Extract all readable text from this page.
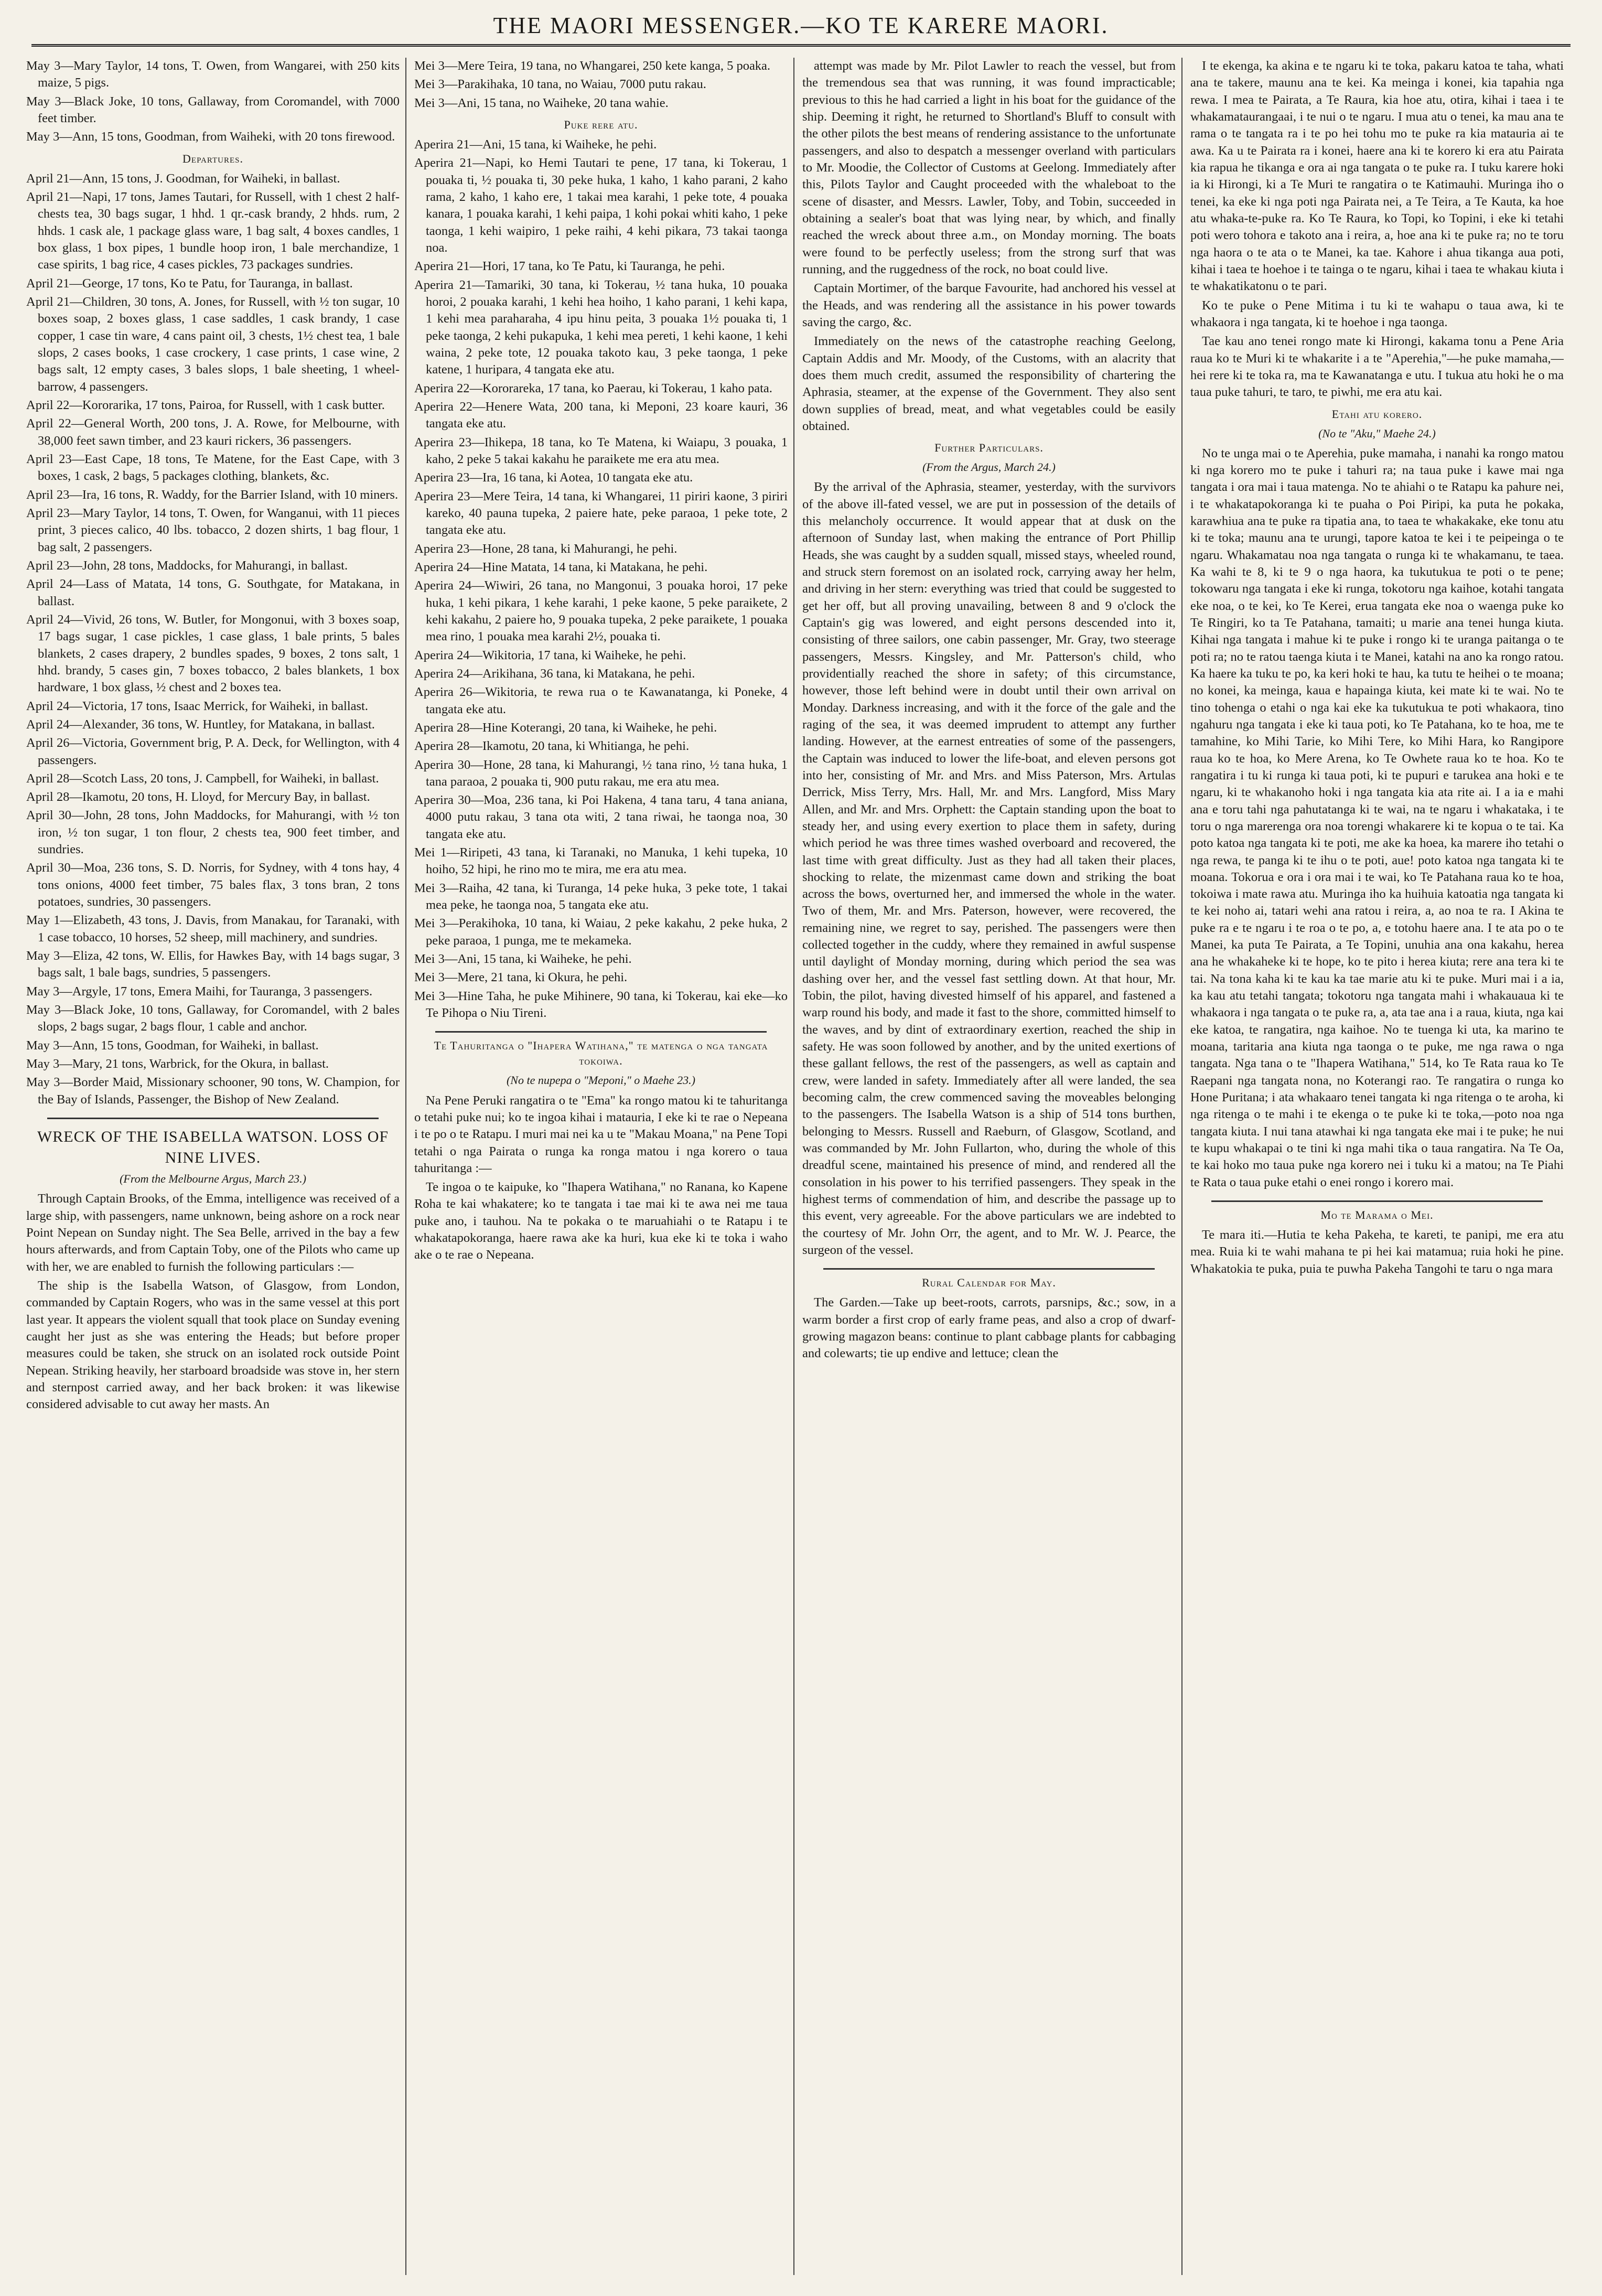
THE MAORI MESSENGER.—KO TE KARERE MAORI.

May 3—Mary Taylor, 14 tons, T. Owen, from Wangarei, with 250 kits maize, 5 pigs.

May 3—Black Joke, 10 tons, Gallaway, from Coromandel, with 7000 feet timber.

May 3—Ann, 15 tons, Goodman, from Waiheki, with 20 tons firewood.

Departures.

April 21—Ann, 15 tons, J. Goodman, for Waiheki, in ballast.

April 21—Napi, 17 tons, James Tautari, for Russell, with 1 chest 2 half-chests tea, 30 bags sugar, 1 hhd. 1 qr.-cask brandy, 2 hhds. rum, 2 hhds. 1 cask ale, 1 package glass ware, 1 bag salt, 4 boxes candles, 1 box glass, 1 box pipes, 1 bundle hoop iron, 1 bale merchandize, 1 case spirits, 1 bag rice, 4 cases pickles, 73 packages sundries.

April 21—George, 17 tons, Ko te Patu, for Tauranga, in ballast.

April 21—Children, 30 tons, A. Jones, for Russell, with ½ ton sugar, 10 boxes soap, 2 boxes glass, 1 case saddles, 1 cask brandy, 1 case copper, 1 case tin ware, 4 cans paint oil, 3 chests, 1½ chest tea, 1 bale slops, 2 cases books, 1 case crockery, 1 case prints, 1 case wine, 2 bags salt, 12 empty cases, 3 bales slops, 1 bale sheeting, 1 wheel-barrow, 4 passengers.

April 22—Kororarika, 17 tons, Pairoa, for Russell, with 1 cask butter.

April 22—General Worth, 200 tons, J. A. Rowe, for Melbourne, with 38,000 feet sawn timber, and 23 kauri rickers, 36 passengers.

April 23—East Cape, 18 tons, Te Matene, for the East Cape, with 3 boxes, 1 cask, 2 bags, 5 packages clothing, blankets, &c.

April 23—Ira, 16 tons, R. Waddy, for the Barrier Island, with 10 miners.

April 23—Mary Taylor, 14 tons, T. Owen, for Wanganui, with 11 pieces print, 3 pieces calico, 40 lbs. tobacco, 2 dozen shirts, 1 bag flour, 1 bag salt, 2 passengers.

April 23—John, 28 tons, Maddocks, for Mahurangi, in ballast.

April 24—Lass of Matata, 14 tons, G. Southgate, for Matakana, in ballast.

April 24—Vivid, 26 tons, W. Butler, for Mongonui, with 3 boxes soap, 17 bags sugar, 1 case pickles, 1 case glass, 1 bale prints, 5 bales blankets, 2 cases drapery, 2 bundles spades, 9 boxes, 2 tons salt, 1 hhd. brandy, 5 cases gin, 7 boxes tobacco, 2 bales blankets, 1 box hardware, 1 box glass, ½ chest and 2 boxes tea.

April 24—Victoria, 17 tons, Isaac Merrick, for Waiheki, in ballast.

April 24—Alexander, 36 tons, W. Huntley, for Matakana, in ballast.

April 26—Victoria, Government brig, P. A. Deck, for Wellington, with 4 passengers.

April 28—Scotch Lass, 20 tons, J. Campbell, for Waiheki, in ballast.

April 28—Ikamotu, 20 tons, H. Lloyd, for Mercury Bay, in ballast.

April 30—John, 28 tons, John Maddocks, for Mahurangi, with ½ ton iron, ½ ton sugar, 1 ton flour, 2 chests tea, 900 feet timber, and sundries.

April 30—Moa, 236 tons, S. D. Norris, for Sydney, with 4 tons hay, 4 tons onions, 4000 feet timber, 75 bales flax, 3 tons bran, 2 tons potatoes, sundries, 30 passengers.

May 1—Elizabeth, 43 tons, J. Davis, from Manakau, for Taranaki, with 1 case tobacco, 10 horses, 52 sheep, mill machinery, and sundries.

May 3—Eliza, 42 tons, W. Ellis, for Hawkes Bay, with 14 bags sugar, 3 bags salt, 1 bale bags, sundries, 5 passengers.

May 3—Argyle, 17 tons, Emera Maihi, for Tauranga, 3 passengers.

May 3—Black Joke, 10 tons, Gallaway, for Coromandel, with 2 bales slops, 2 bags sugar, 2 bags flour, 1 cable and anchor.

May 3—Ann, 15 tons, Goodman, for Waiheki, in ballast.

May 3—Mary, 21 tons, Warbrick, for the Okura, in ballast.

May 3—Border Maid, Missionary schooner, 90 tons, W. Champion, for the Bay of Islands, Passenger, the Bishop of New Zealand.

WRECK OF THE ISABELLA WATSON. LOSS OF NINE LIVES.
(From the Melbourne Argus, March 23.)

Through Captain Brooks, of the Emma, intelligence was received of a large ship, with passengers, name unknown, being ashore on a rock near Point Nepean on Sunday night. The Sea Belle, arrived in the bay a few hours afterwards, and from Captain Toby, one of the Pilots who came up with her, we are enabled to furnish the following particulars :—

The ship is the Isabella Watson, of Glasgow, from London, commanded by Captain Rogers, who was in the same vessel at this port last year. It appears the violent squall that took place on Sunday evening caught her just as she was entering the Heads; but before proper measures could be taken, she struck on an isolated rock outside Point Nepean. Striking heavily, her starboard broadside was stove in, her stern and sternpost carried away, and her back broken: it was likewise considered advisable to cut away her masts. An

Mei 3—Mere Teira, 19 tana, no Whangarei, 250 kete kanga, 5 poaka.

Mei 3—Parakihaka, 10 tana, no Waiau, 7000 putu rakau.

Mei 3—Ani, 15 tana, no Waiheke, 20 tana wahie.

Puke rere atu.

Aperira 21—Ani, 15 tana, ki Waiheke, he pehi.

Aperira 21—Napi, ko Hemi Tautari te pene, 17 tana, ki Tokerau, 1 pouaka ti, ½ pouaka ti, 30 peke huka, 1 kaho, 1 kaho parani, 2 kaho rama, 2 kaho, 1 kaho ere, 1 takai mea karahi, 1 peke tote, 4 pouaka kanara, 1 pouaka karahi, 1 kehi paipa, 1 kohi pokai whiti kaho, 1 peke taonga, 1 kehi waipiro, 1 peke raihi, 4 kehi pikara, 73 takai taonga noa.

Aperira 21—Hori, 17 tana, ko Te Patu, ki Tauranga, he pehi.

Aperira 21—Tamariki, 30 tana, ki Tokerau, ½ tana huka, 10 pouaka horoi, 2 pouaka karahi, 1 kehi hea hoiho, 1 kaho parani, 1 kehi kapa, 1 kehi mea paraharaha, 4 ipu hinu peita, 3 pouaka 1½ pouaka ti, 1 peke taonga, 2 kehi pukapuka, 1 kehi mea pereti, 1 kehi kaone, 1 kehi waina, 2 peke tote, 12 pouaka takoto kau, 3 peke taonga, 1 peke katene, 1 huripara, 4 tangata eke atu.

Aperira 22—Kororareka, 17 tana, ko Paerau, ki Tokerau, 1 kaho pata.

Aperira 22—Henere Wata, 200 tana, ki Meponi, 23 koare kauri, 36 tangata eke atu.

Aperira 23—Ihikepa, 18 tana, ko Te Matena, ki Waiapu, 3 pouaka, 1 kaho, 2 peke 5 takai kakahu he paraikete me era atu mea.

Aperira 23—Ira, 16 tana, ki Aotea, 10 tangata eke atu.

Aperira 23—Mere Teira, 14 tana, ki Whangarei, 11 piriri kaone, 3 piriri kareko, 40 pauna tupeka, 2 paiere hate, peke paraoa, 1 peke tote, 2 tangata eke atu.

Aperira 23—Hone, 28 tana, ki Mahurangi, he pehi.

Aperira 24—Hine Matata, 14 tana, ki Matakana, he pehi.

Aperira 24—Wiwiri, 26 tana, no Mangonui, 3 pouaka horoi, 17 peke huka, 1 kehi pikara, 1 kehe karahi, 1 peke kaone, 5 peke paraikete, 2 kehi kakahu, 2 paiere ho, 9 pouaka tupeka, 2 peke paraikete, 1 pouaka mea rino, 1 pouaka mea karahi 2½, pouaka ti.

Aperira 24—Wikitoria, 17 tana, ki Waiheke, he pehi.

Aperira 24—Arikihana, 36 tana, ki Matakana, he pehi.

Aperira 26—Wikitoria, te rewa rua o te Kawanatanga, ki Poneke, 4 tangata eke atu.

Aperira 28—Hine Koterangi, 20 tana, ki Waiheke, he pehi.

Aperira 28—Ikamotu, 20 tana, ki Whitianga, he pehi.

Aperira 30—Hone, 28 tana, ki Mahurangi, ½ tana rino, ½ tana huka, 1 tana paraoa, 2 pouaka ti, 900 putu rakau, me era atu mea.

Aperira 30—Moa, 236 tana, ki Poi Hakena, 4 tana taru, 4 tana aniana, 4000 putu rakau, 3 tana ota witi, 2 tana riwai, he taonga noa, 30 tangata eke atu.

Mei 1—Riripeti, 43 tana, ki Taranaki, no Manuka, 1 kehi tupeka, 10 hoiho, 52 hipi, he rino mo te mira, me era atu mea.

Mei 3—Raiha, 42 tana, ki Turanga, 14 peke huka, 3 peke tote, 1 takai mea peke, he taonga noa, 5 tangata eke atu.

Mei 3—Perakihoka, 10 tana, ki Waiau, 2 peke kakahu, 2 peke huka, 2 peke paraoa, 1 punga, me te mekameka.

Mei 3—Ani, 15 tana, ki Waiheke, he pehi.

Mei 3—Mere, 21 tana, ki Okura, he pehi.

Mei 3—Hine Taha, he puke Mihinere, 90 tana, ki Tokerau, kai eke—ko Te Pihopa o Niu Tireni.

Te Tahuritanga o "Ihapera Watihana," te matenga o nga tangata tokoiwa.
(No te nupepa o "Meponi," o Maehe 23.)

Na Pene Peruki rangatira o te "Ema" ka rongo matou ki te tahuritanga o tetahi puke nui; ko te ingoa kihai i matauria, I eke ki te rae o Nepeana i te po o te Ratapu. I muri mai nei ka u te "Makau Moana," na Pene Topi tetahi o nga Pairata o runga ka ronga matou i nga korero o taua tahuritanga :—

Te ingoa o te kaipuke, ko "Ihapera Watihana," no Ranana, ko Kapene Roha te kai whakatere; ko te tangata i tae mai ki te awa nei me taua puke ano, i tauhou. Na te pokaka o te maruahiahi o te Ratapu i te whakatapokoranga, haere rawa ake ka huri, kua eke ki te toka i waho ake o te rae o Nepeana.

attempt was made by Mr. Pilot Lawler to reach the vessel, but from the tremendous sea that was running, it was found impracticable; previous to this he had carried a light in his boat for the guidance of the ship. Deeming it right, he returned to Shortland's Bluff to consult with the other pilots the best means of rendering assistance to the unfortunate passengers, and also to despatch a messenger overland with particulars to Mr. Moodie, the Collector of Customs at Geelong. Immediately after this, Pilots Taylor and Caught proceeded with the whaleboat to the scene of disaster, and Messrs. Lawler, Toby, and Tobin, succeeded in obtaining a sealer's boat that was lying near, by which, and finally reached the wreck about three a.m., on Monday morning. The boats were found to be perfectly useless; from the strong surf that was running, and the ruggedness of the rock, no boat could live.

Captain Mortimer, of the barque Favourite, had anchored his vessel at the Heads, and was rendering all the assistance in his power towards saving the cargo, &c.

Immediately on the news of the catastrophe reaching Geelong, Captain Addis and Mr. Moody, of the Customs, with an alacrity that does them much credit, assumed the responsibility of chartering the Aphrasia, steamer, at the expense of the Government. They also sent down supplies of bread, meat, and what vegetables could be easily obtained.

Further Particulars.
(From the Argus, March 24.)

By the arrival of the Aphrasia, steamer, yesterday, with the survivors of the above ill-fated vessel, we are put in possession of the details of this melancholy occurrence. It would appear that at dusk on the afternoon of Sunday last, when making the entrance of Port Phillip Heads, she was caught by a sudden squall, missed stays, wheeled round, and struck stern foremost on an isolated rock, carrying away her helm, and driving in her stern: everything was tried that could be suggested to get her off, but all proving unavailing, between 8 and 9 o'clock the Captain's gig was lowered, and eight persons descended into it, consisting of three sailors, one cabin passenger, Mr. Gray, two steerage passengers, Messrs. Kingsley, and Mr. Patterson's child, who providentially reached the shore in safety; of this circumstance, however, those left behind were in doubt until their own arrival on Monday. Darkness increasing, and with it the force of the gale and the raging of the sea, it was deemed imprudent to attempt any further landing. However, at the earnest entreaties of some of the passengers, the Captain was induced to lower the life-boat, and eleven persons got into her, consisting of Mr. and Mrs. and Miss Paterson, Mrs. Artulas Derrick, Miss Terry, Mrs. Hall, Mr. and Mrs. Langford, Miss Mary Allen, and Mr. and Mrs. Orphett: the Captain standing upon the boat to steady her, and using every exertion to place them in safety, during which period he was three times washed overboard and recovered, the last time with great difficulty. Just as they had all taken their places, shocking to relate, the mizenmast came down and striking the boat across the bows, overturned her, and immersed the whole in the water. Two of them, Mr. and Mrs. Paterson, however, were recovered, the remaining nine, we regret to say, perished. The passengers were then collected together in the cuddy, where they remained in awful suspense until daylight of Monday morning, during which period the sea was dashing over her, and the vessel fast settling down. At that hour, Mr. Tobin, the pilot, having divested himself of his apparel, and fastened a warp round his body, and made it fast to the shore, committed himself to the waves, and by dint of extraordinary exertion, reached the ship in safety. He was soon followed by another, and by the united exertions of these gallant fellows, the rest of the passengers, as well as captain and crew, were landed in safety. Immediately after all were landed, the sea becoming calm, the crew commenced saving the moveables belonging to the passengers. The Isabella Watson is a ship of 514 tons burthen, belonging to Messrs. Russell and Raeburn, of Glasgow, Scotland, and was commanded by Mr. John Fullarton, who, during the whole of this dreadful scene, maintained his presence of mind, and rendered all the consolation in his power to his terrified passengers. They speak in the highest terms of commendation of him, and describe the passage up to this event, very agreeable. For the above particulars we are indebted to the courtesy of Mr. John Orr, the agent, and to Mr. W. J. Pearce, the surgeon of the vessel.

Rural Calendar for May.

The Garden.—Take up beet-roots, carrots, parsnips, &c.; sow, in a warm border a first crop of early frame peas, and also a crop of dwarf-growing magazon beans: continue to plant cabbage plants for cabbaging and colewarts; tie up endive and lettuce; clean the

I te ekenga, ka akina e te ngaru ki te toka, pakaru katoa te taha, whati ana te takere, maunu ana te kei. Ka meinga i konei, kia tapahia nga rewa. I mea te Pairata, a Te Raura, kia hoe atu, otira, kihai i taea i te whakamataurangaai, i te nui o te ngaru. I mua atu o tenei, ka mau ana te rama o te tangata ra i te po hei tohu mo te puke ra kia matauria ai te awa. Ka u te Pairata ra i konei, haere ana ki te korero ki era atu Pairata kia rapua he tikanga e ora ai nga tangata o te puke ra. I tuku karere hoki ia ki Hirongi, ki a Te Muri te rangatira o te Katimauhi. Muringa iho o tenei, ka eke ki nga poti nga Pairata nei, a Te Teira, a Te Kauta, ka hoe atu whaka-te-puke ra. Ko Te Raura, ko Topi, ko Topini, i eke ki tetahi poti wero tohora e takoto ana i reira, a, hoe ana ki te puke ra; no te toru nga haora o te ata o te Manei, ka tae. Kahore i ahua tikanga aua poti, kihai i taea te hoehoe i te tainga o te ngaru, kihai i taea te whakau kiuta i te whakatikatonu o te pari.

Ko te puke o Pene Mitima i tu ki te wahapu o taua awa, ki te whakaora i nga tangata, ki te hoehoe i nga taonga.

Tae kau ano tenei rongo mate ki Hirongi, kakama tonu a Pene Aria raua ko te Muri ki te whakarite i a te "Aperehia,"—he puke mamaha,—hei rere ki te toka ra, ma te Kawanatanga e utu. I tukua atu hoki he o ma taua puke tahuri, te taro, te piwhi, me era atu kai.

Etahi atu korero.
(No te "Aku," Maehe 24.)

No te unga mai o te Aperehia, puke mamaha, i nanahi ka rongo matou ki nga korero mo te puke i tahuri ra; na taua puke i kawe mai nga tangata i ora mai i taua matenga. No te ahiahi o te Ratapu ka pahure nei, i te whakatapokoranga ki te puaha o Poi Piripi, ka puta he pokaka, karawhiua ana te puke ra tipatia ana, to taea te whakakake, eke tonu atu ki te toka; maunu ana te urungi, tapore katoa te kei i te peipeinga o te ngaru. Whakamatau noa nga tangata o runga ki te whakamanu, te taea. Ka wahi te 8, ki te 9 o nga haora, ka tukutukua te poti o te pene; tokowaru nga tangata i eke ki runga, tokotoru nga kaihoe, kotahi tangata eke noa, o te kei, ko Te Kerei, erua tangata eke noa o waenga puke ko Te Ringiri, ko ta Te Patahana, tamaiti; u marie ana tenei hunga kiuta. Kihai nga tangata i mahue ki te puke i rongo ki te uranga paitanga o te poti ra; no te ratou taenga kiuta i te Manei, katahi na ano ka rongo ratou. Ka haere ka tuku te po, ka keri hoki te hau, ka tutu te heihei o te moana; no konei, ka meinga, kaua e hapainga kiuta, kei mate ki te wai. No te tino tohenga o etahi o nga kai eke ka tukutukua te poti whakaora, tino ngahuru nga tangata i eke ki taua poti, ko Te Patahana, ko te hoa, me te tamahine, ko Mihi Tarie, ko Mihi Tere, ko Mihi Hara, ko Rangipore raua ko te hoa, ko Mere Arena, ko Te Owhete raua ko te hoa. Ko te rangatira i tu ki runga ki taua poti, ki te pupuri e tarukea ana hoki e te ngaru, ki te whakanoho hoki i nga tangata kia ata rite ai. I a ia e mahi ana e toru tahi nga pahutatanga ki te wai, na te ngaru i whakataka, i te toru o nga marerenga ora noa torengi whakarere ki te kopua o te tai. Ka poto katoa nga tangata ki te poti, me ake ka hoea, ka marere iho tetahi o nga rewa, te panga ki te ihu o te poti, aue! poto katoa nga tangata ki te moana. Tokorua e ora i ora mai i te wai, ko Te Patahana raua ko te hoa, tokoiwa i mate rawa atu. Muringa iho ka huihuia katoatia nga tangata ki te kei noho ai, tatari wehi ana ratou i reira, a, ao noa te ra. I Akina te puke ra e te ngaru i te roa o te po, a, e totohu haere ana. I te ata po o te Manei, ka puta Te Pairata, a Te Topini, unuhia ana ona kakahu, herea ana he whakaheke ki te hope, ko te pito i herea kiuta; rere ana tera ki te tai. Na tona kaha ki te kau ka tae marie atu ki te puke. Muri mai i a ia, ka kau atu tetahi tangata; tokotoru nga tangata mahi i whakauaua ki te whakaora i nga tangata o te puke ra, a, ata tae ana i a raua, kiuta, nga kai eke katoa, te rangatira, nga kaihoe. No te tuenga ki uta, ka marino te moana, taritaria ana kiuta nga taonga o te puke, me nga rawa o nga tangata. Nga tana o te "Ihapera Watihana," 514, ko Te Rata raua ko Te Raepani nga tangata nona, no Koterangi rao. Te rangatira o runga ko Hone Puritana; i ata whakaaro tenei tangata ki nga ritenga o te aroha, ki nga ritenga o te mahi i te ekenga o te puke ki te toka,—poto noa nga tangata kiuta. I nui tana atawhai ki nga tangata eke mai i te puke; he nui te kupu whakapai o te tini ki nga mahi tika o taua rangatira. Na Te Oa, te kai hoko mo taua puke nga korero nei i tuku ki a matou; na Te Piahi te Rata o taua puke etahi o enei rongo i korero mai.

Mo te Marama o Mei.

Te mara iti.—Hutia te keha Pakeha, te kareti, te panipi, me era atu mea. Ruia ki te wahi mahana te pi hei kai matamua; ruia hoki he pine. Whakatokia te puka, puia te puwha Pakeha Tangohi te taru o nga mara
